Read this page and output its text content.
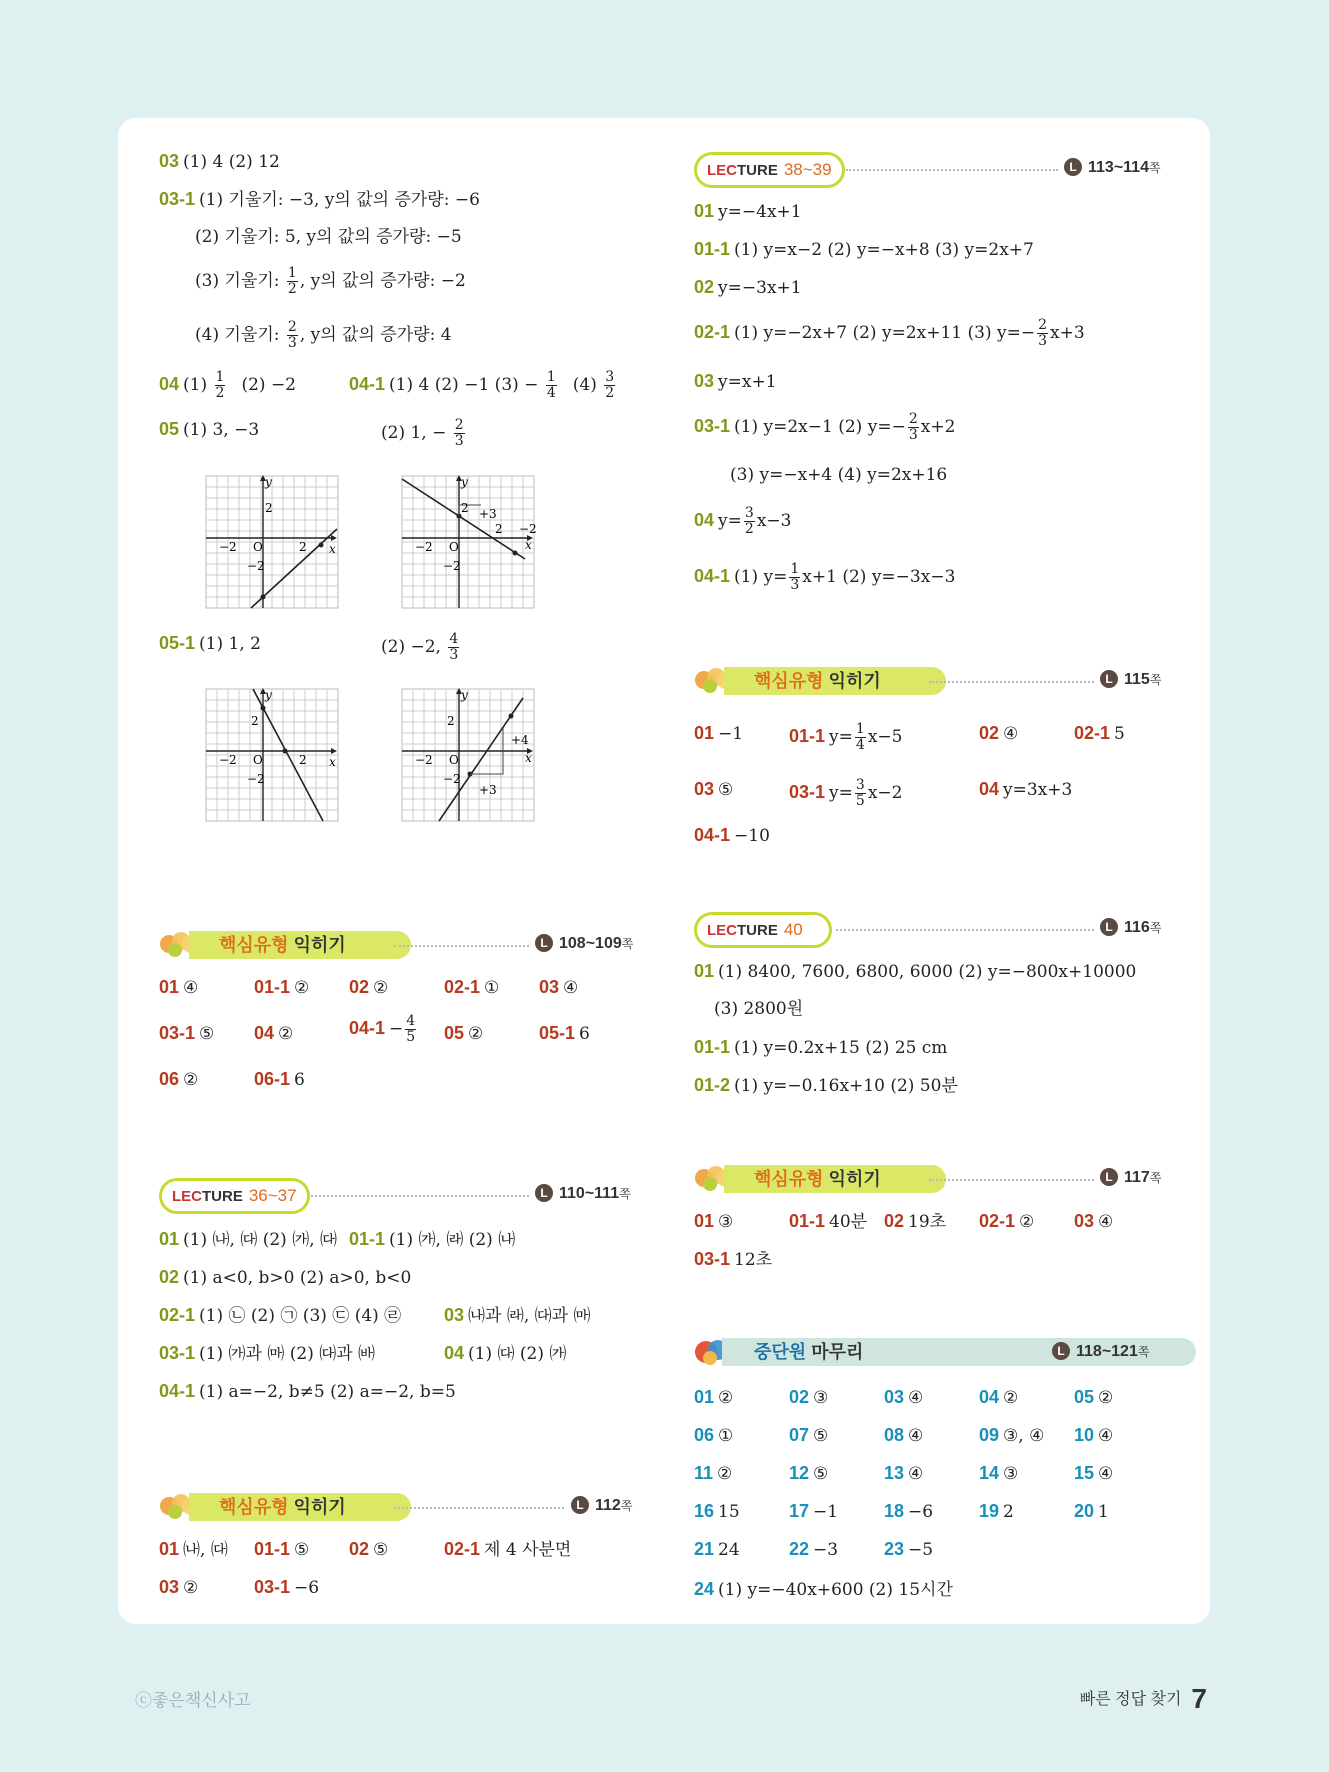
03 (1) 4 (2) 12
03-1 (1) 기울기: −3, y의 값의 증가량: −6
(2) 기울기: 5, y의 값의 증가량: −5
(3) 기울기: $\frac{1}{2}$ , y의 값의 증가량: −2
(4) 기울기: $\frac{2}{3}$ , y의 값의 증가량: 4
04 $(1) \frac{1}{2} (2) -2$	04-1 (1) 4 (2) −1 $(3) - \frac{1}{4} (4) \frac{3}{2}$
05 (1) 3, −3	(2) 1, − $\frac{2}{3}$
y
x
O
2
2
−2
−2
y
x
O
2
2
−2
−2
+3
−2
05-1 (1) 1, 2	(2) −2, $\frac{4}{3}$
y
x
O
2
2
−2
−2
y
x
O
2
−2
−2
+3
+4
핵심유형 익히기	L 108~109쪽
01 ④	01-1 ② 02 ②	02-1 ① 03 ④
03-1 ⑤ 04 ②	$04-1 - \frac{4}{5} 05$ ②	05-1 6
06 ②	06-1 6
LECTURE 36~37	L 110~111쪽
01 (1) ㈏, ㈐ (2) ㈎, ㈐ 01-1 (1) ㈎, ㈑ (2) ㈏
02 (1) a<0, b>0 (2) a>0, b<0
02-1 (1) ㉡ (2) ㉠ (3) ㉢ (4) ㉣ 03 ㈏과 ㈑, ㈐과 ㈒
03-1 (1) ㈎과 ㈒ (2) ㈐과 ㈓	04 (1) ㈐ (2) ㈎
04-1 (1) a=−2, b≠5 (2) a=−2, b=5
핵심유형 익히기	L 112쪽
01 ㈏, ㈐ 01-1 ⑤ 02 ⑤	02-1 제 4 사분면
03 ②	03-1 −6
LECTURE 38~39	L 113~114쪽
01 y=−4x+1
01-1 (1) y=x−2 (2) y=−x+8 (3) y=2x+7
02 y=−3x+1
02-1 (1) y=−2x+7 (2) y=2x+11 (3) $y=- \frac{2}{3} x+3$
03 y=x+1
03-1 (1) y=2x−1 (2) $y=- \frac{2}{3} x+2$
(3) y=−x+4 (4) y=2x+16
04 $y= \frac{3}{2} x-3$
04-1 (1) $y= \frac{1}{3} x+1$ (2) y=−3x−3
핵심유형 익히기	L 115쪽
01 −1	01-1 $y= \frac{1}{4} x-5$	02 ④	02-1 5
03 ⑤	03-1 $y= \frac{3}{5} x-2$	04 y=3x+3
04-1 −10
LECTURE 40	L 116쪽
01 (1) 8400, 7600, 6800, 6000 (2) y=−800x+10000
(3) 2800원
01-1 (1) y=0.2x+15 (2) 25 cm
01-2 (1) y=−0.16x+10 (2) 50분
핵심유형 익히기	L 117쪽
01 ③	01-1 40분 02 19초 02-1 ② 03 ④
03-1 12초
중단원 마무리	L 118~121쪽
01 ②	02 ③	03 ④	04 ②	05 ②
06 ①	07 ⑤	08 ④	09 ③, ④ 10 ④
11 ②	12 ⑤	13 ④	14 ③	15 ④
16 15	17 −1	18 −6	19 2	20 1
21 24	22 −3	23 −5
24 (1) y=−40x+600 (2) 15시간
ⓒ좋은책신사고	빠른 정답 찾기 7
